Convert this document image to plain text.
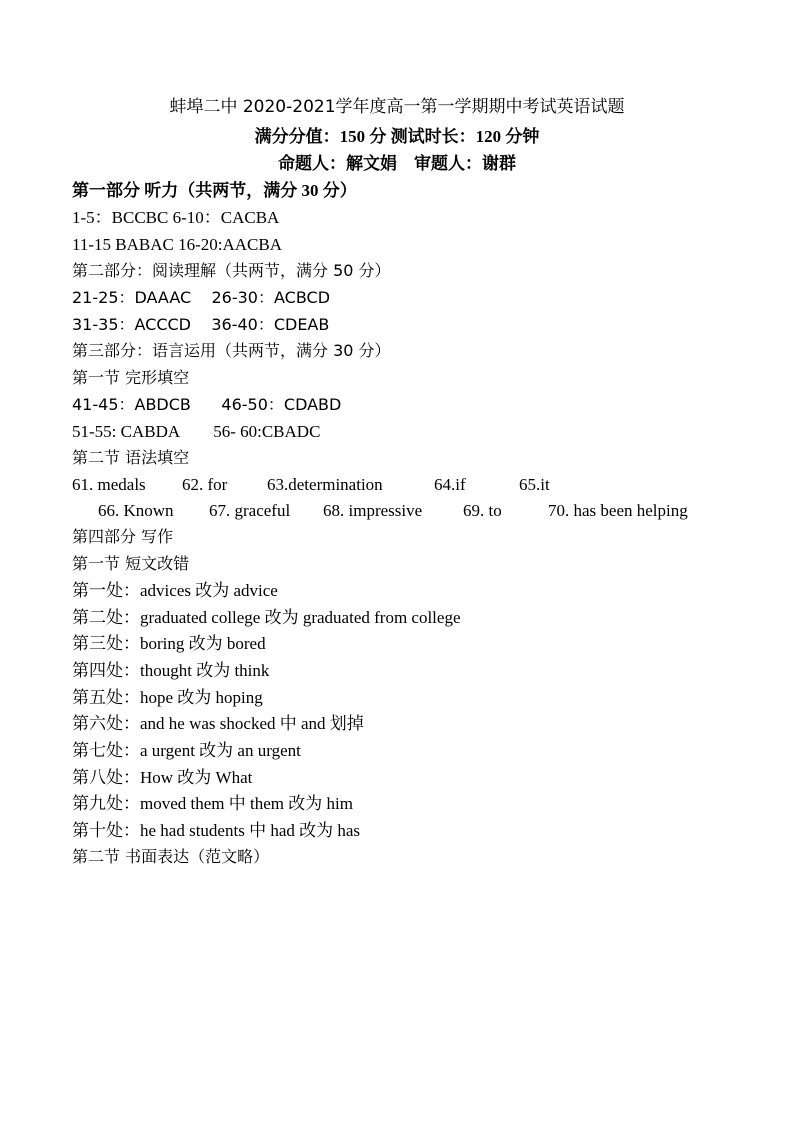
蚌埠二中 2020-2021学年度高一第一学期期中考试英语试题
满分分值：150 分 测试时长：120 分钟
命题人：解文娟    审题人：谢群
第一部分 听力（共两节，满分 30 分）
1-5：BCCBC 6-10：CACBA
11-15 BABAC 16-20:AACBA
第二部分：阅读理解（共两节，满分 50 分）
21-25：DAAAC    26-30：ACBCD
31-35：ACCCD    36-40：CDEAB
第三部分：语言运用（共两节，满分 30 分）
第一节 完形填空
41-45：ABDCB      46-50：CDABD
51-55: CABDA        56- 60:CBADC
第二节 语法填空
61. medals 62. for 63.determination	64.if	65.it
66. Known 67. graceful 68. impressive 69. to	70. has been helping
第四部分 写作
第一节 短文改错
第一处：advices 改为 advice
第二处：graduated college 改为 graduated from college
第三处：boring 改为 bored
第四处：thought 改为 think
第五处：hope 改为 hoping
第六处：and he was shocked 中 and 划掉
第七处：a urgent 改为 an urgent
第八处：How 改为 What
第九处：moved them 中 them 改为 him
第十处：he had students 中 had 改为 has
第二节 书面表达（范文略）
